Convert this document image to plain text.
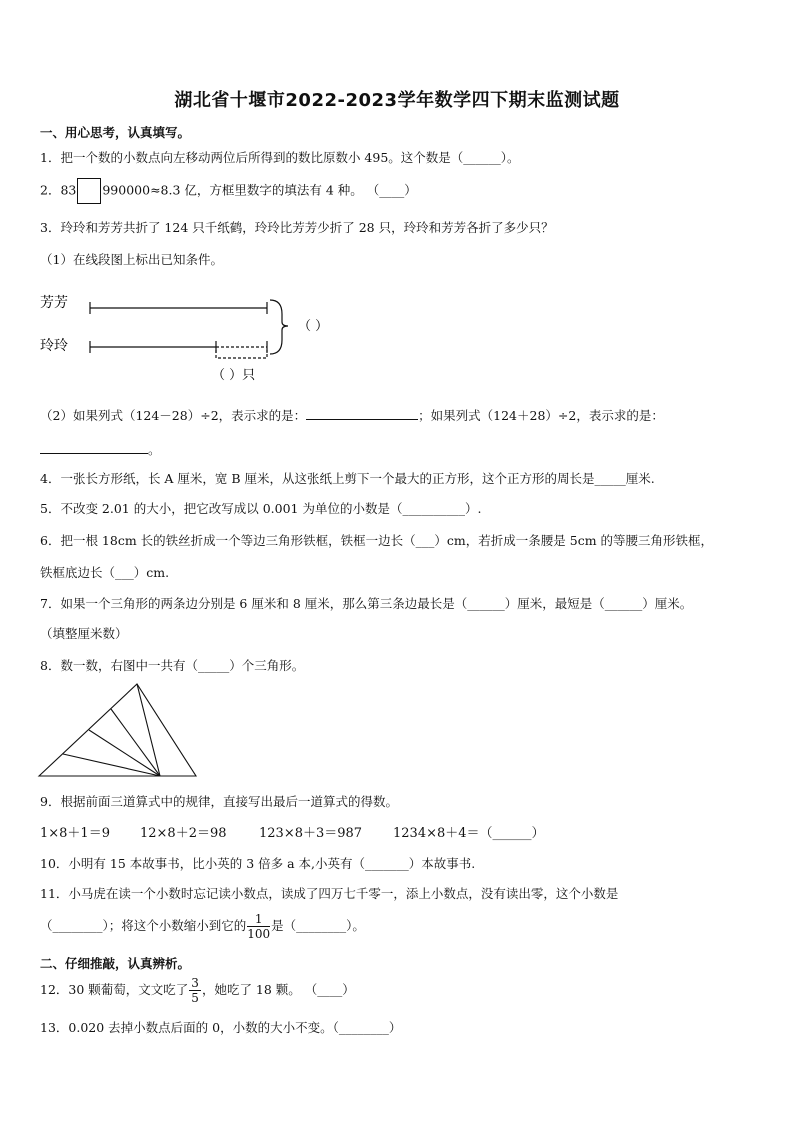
湖北省十堰市2022-2023学年数学四下期末监测试题
一、用心思考，认真填写。
1．把一个数的小数点向左移动两位后所得到的数比原数小 495。这个数是（______）。
2．83 990000≈8.3 亿，方框里数字的填法有 4 种。 （____）
3．玲玲和芳芳共折了 124 只千纸鹤，玲玲比芳芳少折了 28 只，玲玲和芳芳各折了多少只？
（1）在线段图上标出已知条件。
芳芳
玲玲
（ ）
（ ）只
（2）如果列式（124－28）÷2，表示求的是：	；如果列式（124＋28）÷2，表示求的是：
。
4．一张长方形纸，长 A 厘米，宽 B 厘米，从这张纸上剪下一个最大的正方形，这个正方形的周长是_____厘米.
5．不改变 2.01 的大小，把它改写成以 0.001 为单位的小数是（__________）.
6．把一根 18cm 长的铁丝折成一个等边三角形铁框，铁框一边长（___）cm，若折成一条腰是 5cm 的等腰三角形铁框，
铁框底边长（___）cm.
7．如果一个三角形的两条边分别是 6 厘米和 8 厘米，那么第三条边最长是（______）厘米，最短是（______）厘米。
（填整厘米数）
8．数一数，右图中一共有（_____）个三角形。
9．根据前面三道算式中的规律，直接写出最后一道算式的得数。
1×8＋1＝9 12×8＋2＝98 123×8＋3＝987 1234×8＋4＝（______）
10．小明有 15 本故事书，比小英的 3 倍多 a 本,小英有（_______）本故事书.
11．小马虎在读一个小数时忘记读小数点，读成了四万七千零一，添上小数点，没有读出零，这个小数是
（________）；将这个小数缩小到它的 $\frac{1}{100}$ 是（________）。
二、仔细推敲，认真辨析。
12．30 颗葡萄，文文吃了 $\frac{3}{5}$ ，她吃了 18 颗。 （____）
13．0.020 去掉小数点后面的 0，小数的大小不变。（________）
